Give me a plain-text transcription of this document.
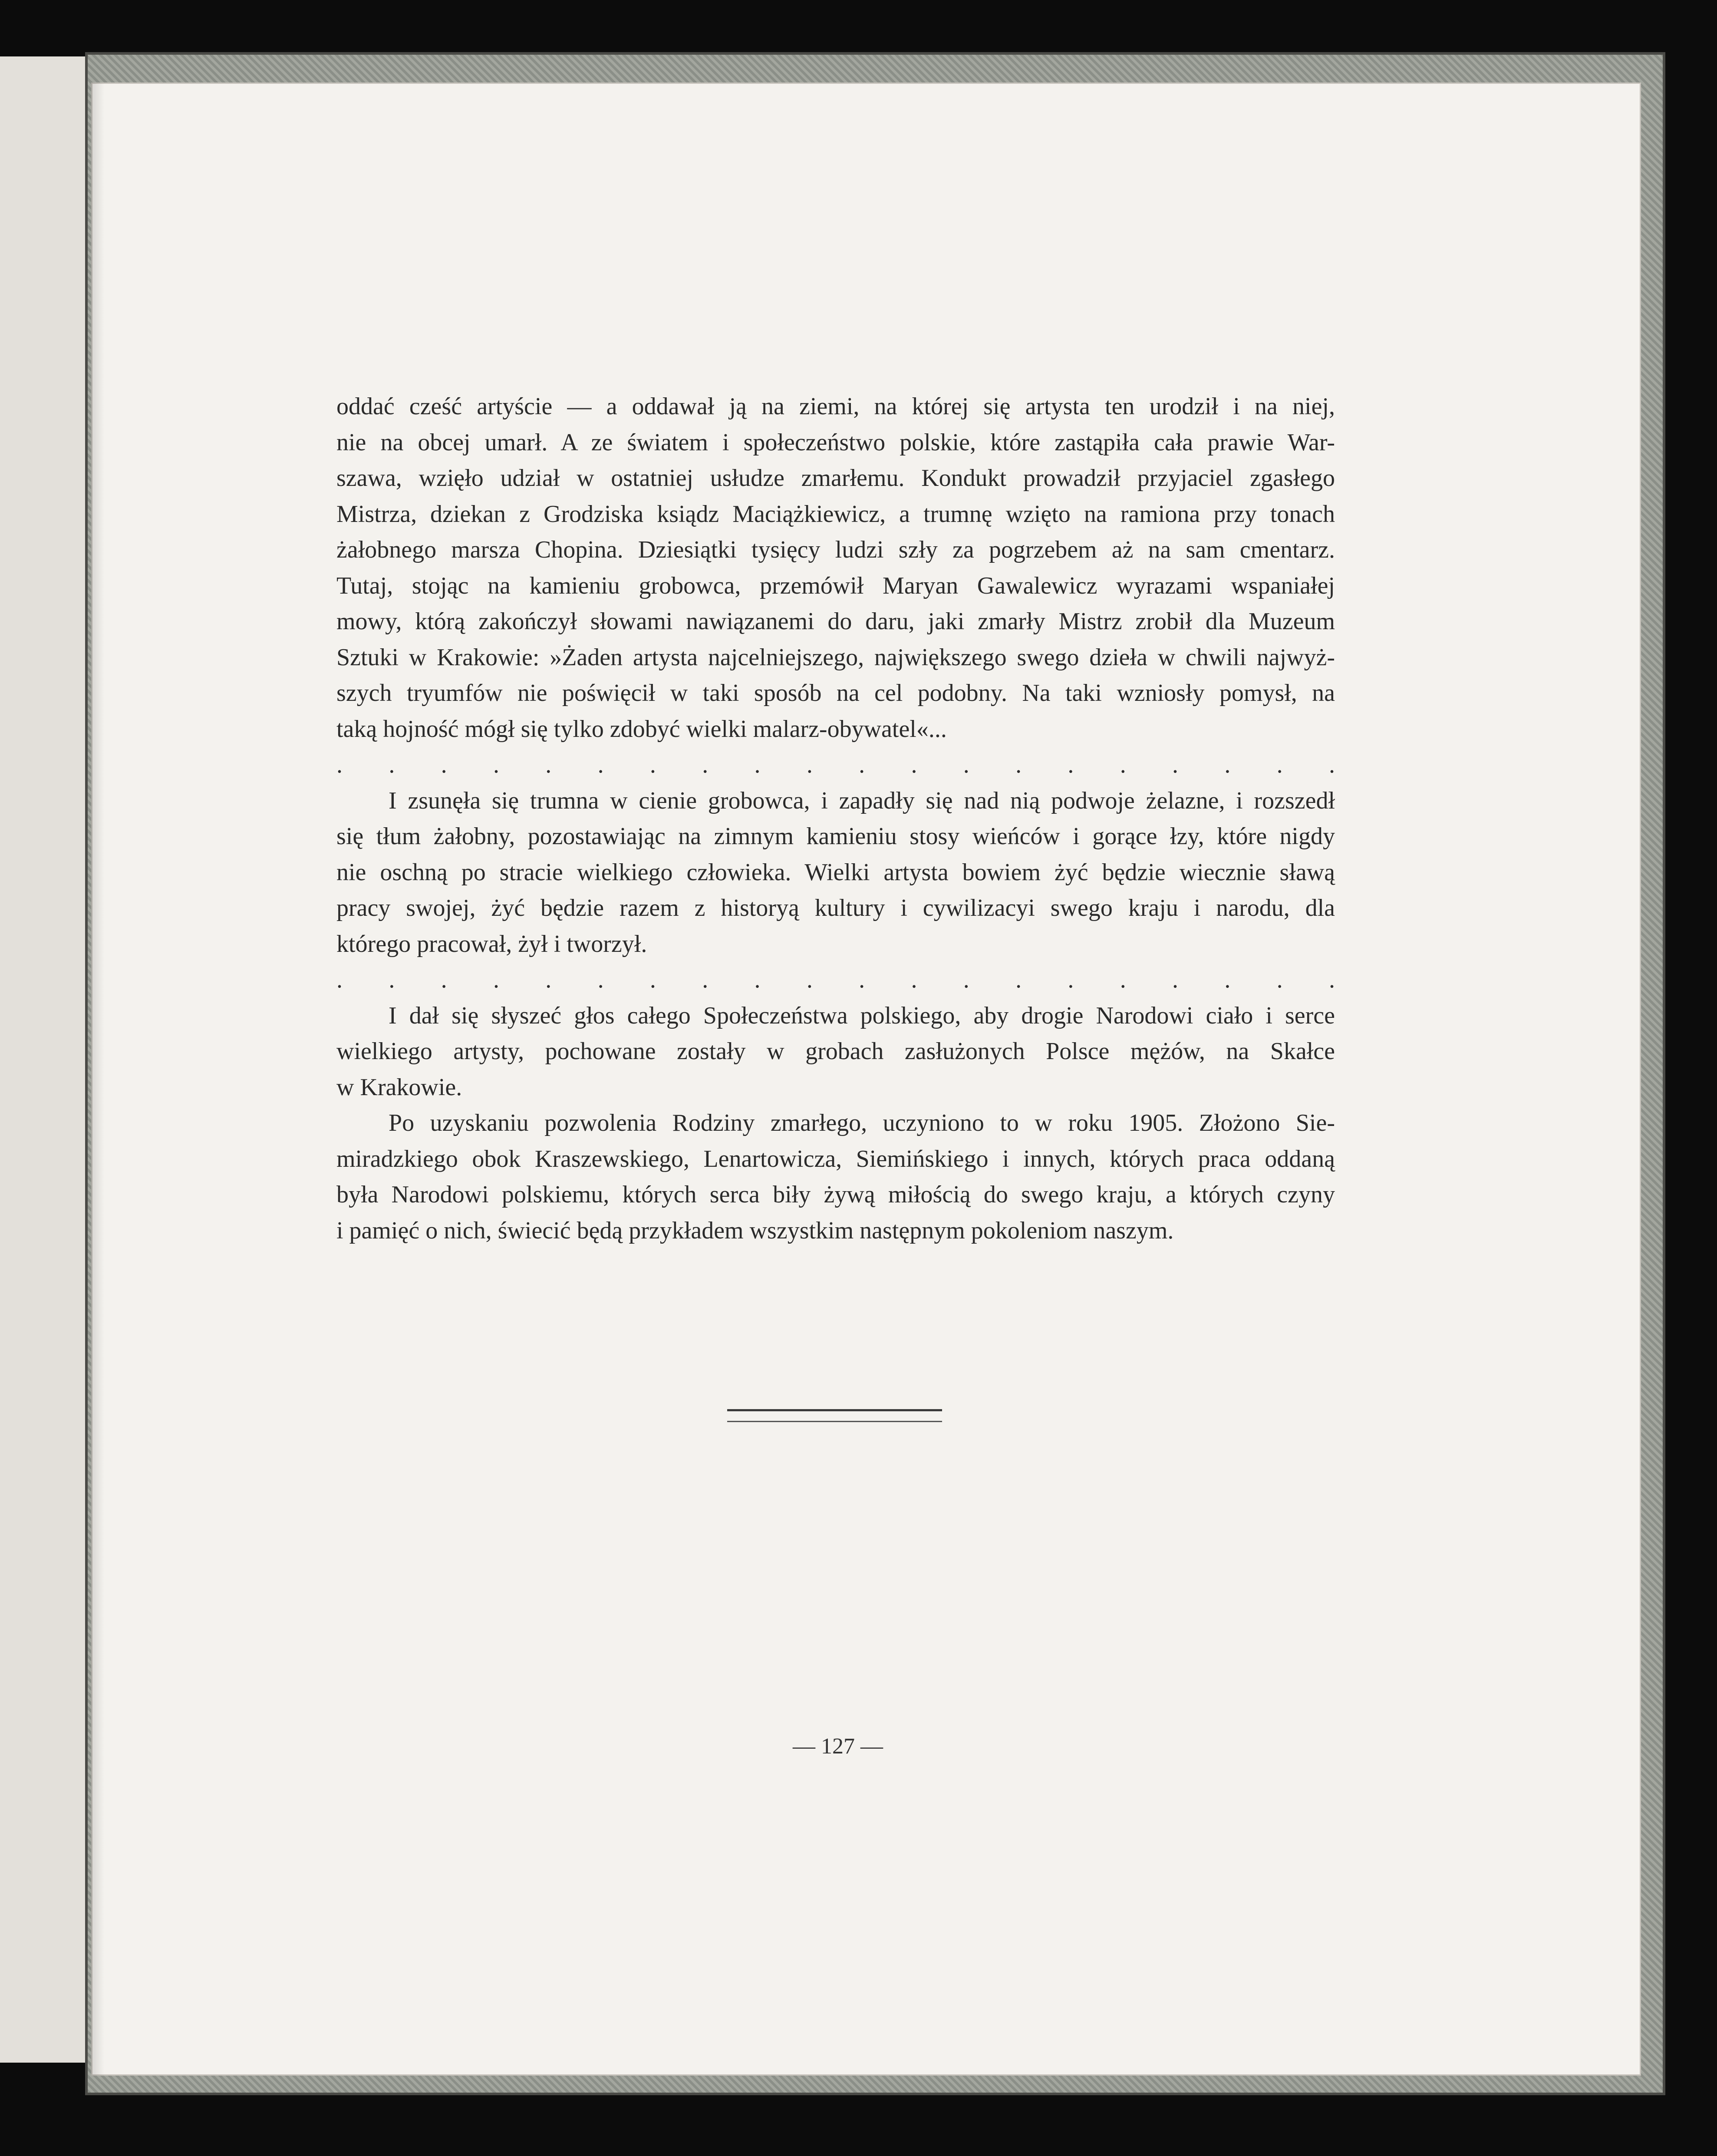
oddać cześć artyście — a oddawał ją na ziemi, na której się artysta ten urodził i na niej,
nie na obcej umarł. A ze światem i społeczeństwo polskie, które zastąpiła cała prawie War-
szawa, wzięło udział w ostatniej usłudze zmarłemu. Kondukt prowadził przyjaciel zgasłego
Mistrza, dziekan z Grodziska ksiądz Maciążkiewicz, a trumnę wzięto na ramiona przy tonach
żałobnego marsza Chopina. Dziesiątki tysięcy ludzi szły za pogrzebem aż na sam cmentarz.
Tutaj, stojąc na kamieniu grobowca, przemówił Maryan Gawalewicz wyrazami wspaniałej
mowy, którą zakończył słowami nawiązanemi do daru, jaki zmarły Mistrz zrobił dla Muzeum
Sztuki w Krakowie: »Żaden artysta najcelniejszego, największego swego dzieła w chwili najwyż-
szych tryumfów nie poświęcił w taki sposób na cel podobny. Na taki wzniosły pomysł, na
taką hojność mógł się tylko zdobyć wielki malarz-obywatel«...
. . . . . . . . . . . . . . . . . . . .
I zsunęła się trumna w cienie grobowca, i zapadły się nad nią podwoje żelazne, i rozszedł
się tłum żałobny, pozostawiając na zimnym kamieniu stosy wieńców i gorące łzy, które nigdy
nie oschną po stracie wielkiego człowieka. Wielki artysta bowiem żyć będzie wiecznie sławą
pracy swojej, żyć będzie razem z historyą kultury i cywilizacyi swego kraju i narodu, dla
którego pracował, żył i tworzył.
. . . . . . . . . . . . . . . . . . . .
I dał się słyszeć głos całego Społeczeństwa polskiego, aby drogie Narodowi ciało i serce
wielkiego artysty, pochowane zostały w grobach zasłużonych Polsce mężów, na Skałce
w Krakowie.
Po uzyskaniu pozwolenia Rodziny zmarłego, uczyniono to w roku 1905. Złożono Sie-
miradzkiego obok Kraszewskiego, Lenartowicza, Siemińskiego i innych, których praca oddaną
była Narodowi polskiemu, których serca biły żywą miłością do swego kraju, a których czyny
i pamięć o nich, świecić będą przykładem wszystkim następnym pokoleniom naszym.
— 127 —
